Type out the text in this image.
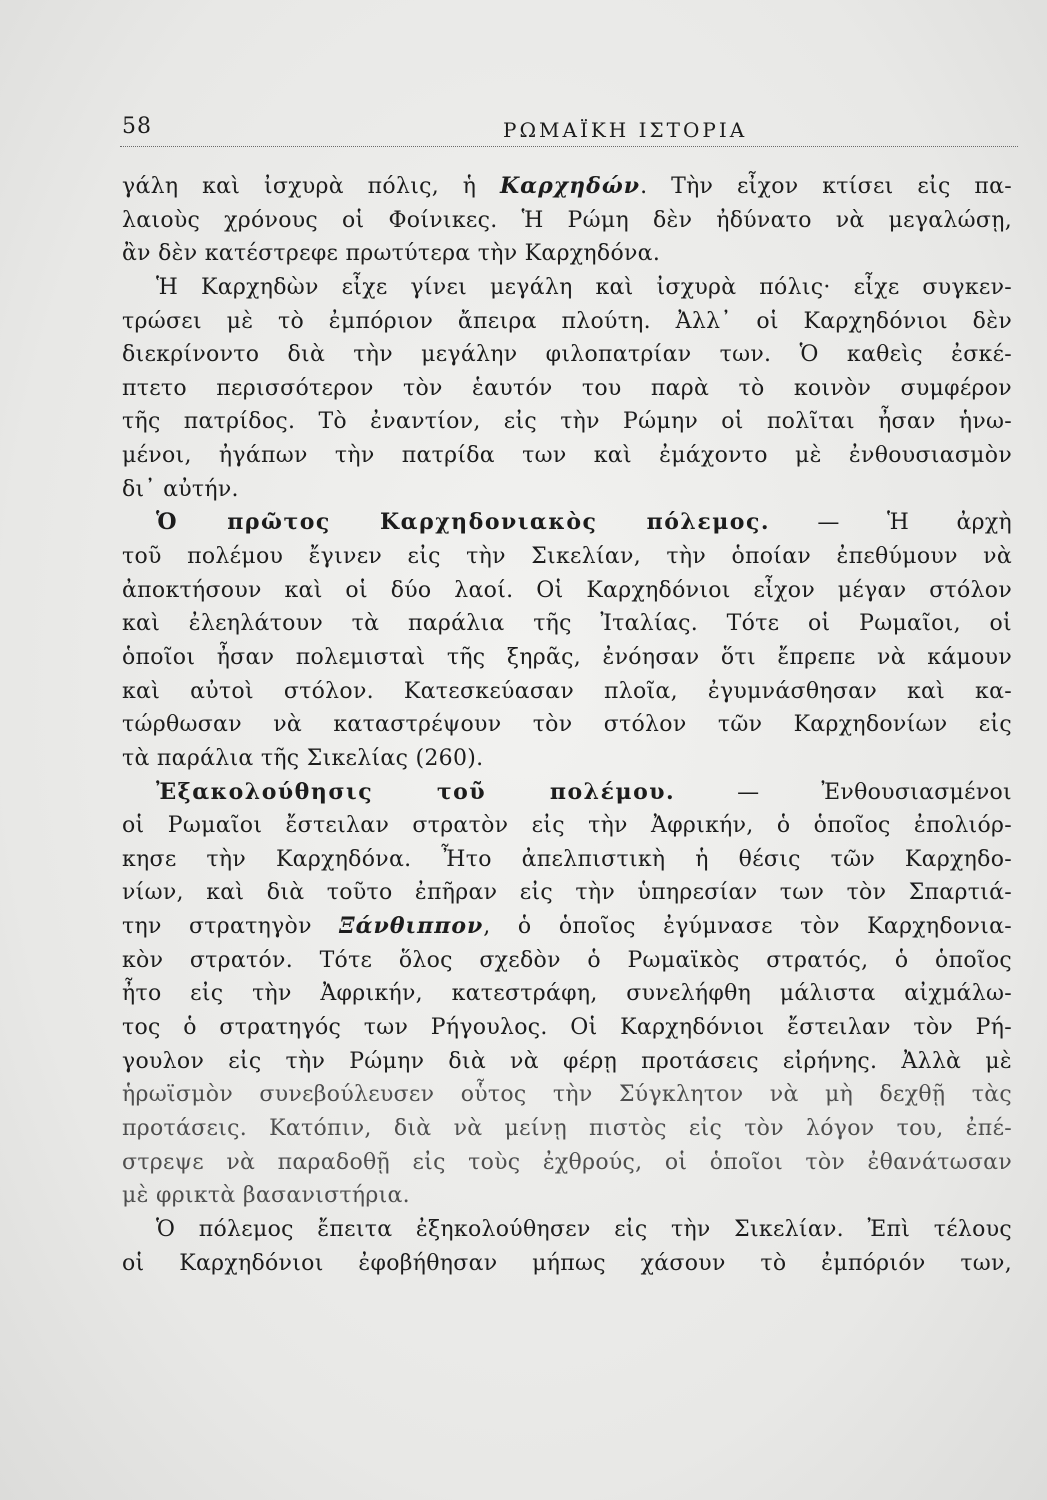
58	ΡΩΜΑΪΚΗ ΙΣΤΟΡΙΑ
γάλη καὶ ἰσχυρὰ πόλις, ἡ Καρχηδών. Τὴν εἶχον κτίσει εἰς πα-
λαιοὺς χρόνους οἱ Φοίνικες. Ἡ Ρώμη δὲν ἠδύνατο νὰ μεγαλώσῃ,
ἂν δὲν κατέστρεφε πρωτύτερα τὴν Καρχηδόνα.
Ἡ Καρχηδὼν εἶχε γίνει μεγάλη καὶ ἰσχυρὰ πόλις· εἶχε συγκεν-
τρώσει μὲ τὸ ἐμπόριον ἄπειρα πλούτη. Ἀλλ᾽ οἱ Καρχηδόνιοι δὲν
διεκρίνοντο διὰ τὴν μεγάλην φιλοπατρίαν των. Ὁ καθεὶς ἐσκέ-
πτετο περισσότερον τὸν ἑαυτόν του παρὰ τὸ κοινὸν συμφέρον
τῆς πατρίδος. Τὸ ἐναντίον, εἰς τὴν Ρώμην οἱ πολῖται ἦσαν ἡνω-
μένοι, ἠγάπων τὴν πατρίδα των καὶ ἐμάχοντο μὲ ἐνθουσιασμὸν
δι᾽ αὐτήν.
Ὁ πρῶτος Καρχηδονιακὸς πόλεμος. — Ἡ ἀρχὴ
τοῦ πολέμου ἔγινεν εἰς τὴν Σικελίαν, τὴν ὁποίαν ἐπεθύμουν νὰ
ἀποκτήσουν καὶ οἱ δύο λαοί. Οἱ Καρχηδόνιοι εἶχον μέγαν στόλον
καὶ ἐλεηλάτουν τὰ παράλια τῆς Ἰταλίας. Τότε οἱ Ρωμαῖοι, οἱ
ὁποῖοι ἦσαν πολεμισταὶ τῆς ξηρᾶς, ἐνόησαν ὅτι ἔπρεπε νὰ κάμουν
καὶ αὐτοὶ στόλον. Κατεσκεύασαν πλοῖα, ἐγυμνάσθησαν καὶ κα-
τώρθωσαν νὰ καταστρέψουν τὸν στόλον τῶν Καρχηδονίων εἰς
τὰ παράλια τῆς Σικελίας (260).
Ἐξακολούθησις τοῦ πολέμου.	— Ἐνθουσιασμένοι
οἱ Ρωμαῖοι ἔστειλαν στρατὸν εἰς τὴν Ἀφρικήν, ὁ ὁποῖος ἐπολιόρ-
κησε τὴν Καρχηδόνα. Ἦτο ἀπελπιστικὴ ἡ θέσις τῶν Καρχηδο-
νίων, καὶ διὰ τοῦτο ἐπῆραν εἰς τὴν ὑπηρεσίαν των τὸν Σπαρτιά-
την στρατηγὸν Ξάνθιππον, ὁ ὁποῖος ἐγύμνασε τὸν Καρχηδονια-
κὸν στρατόν. Τότε ὅλος σχεδὸν ὁ Ρωμαϊκὸς στρατός, ὁ ὁποῖος
ἦτο εἰς τὴν Ἀφρικήν, κατεστράφη, συνελήφθη μάλιστα αἰχμάλω-
τος ὁ στρατηγός των Ρήγουλος. Οἱ Καρχηδόνιοι ἔστειλαν τὸν Ρή-
γουλον εἰς τὴν Ρώμην διὰ νὰ φέρῃ προτάσεις εἰρήνης. Ἀλλὰ μὲ
ἡρωϊσμὸν συνεβούλευσεν οὗτος τὴν Σύγκλητον νὰ μὴ δεχθῇ τὰς
προτάσεις. Κατόπιν, διὰ νὰ μείνῃ πιστὸς εἰς τὸν λόγον του, ἐπέ-
στρεψε νὰ παραδοθῇ εἰς τοὺς ἐχθρούς, οἱ ὁποῖοι τὸν ἐθανάτωσαν
μὲ φρικτὰ βασανιστήρια.
Ὁ πόλεμος ἔπειτα ἐξηκολούθησεν εἰς τὴν Σικελίαν. Ἐπὶ τέλους
οἱ Καρχηδόνιοι ἐφοβήθησαν μήπως χάσουν τὸ ἐμπόριόν των,
